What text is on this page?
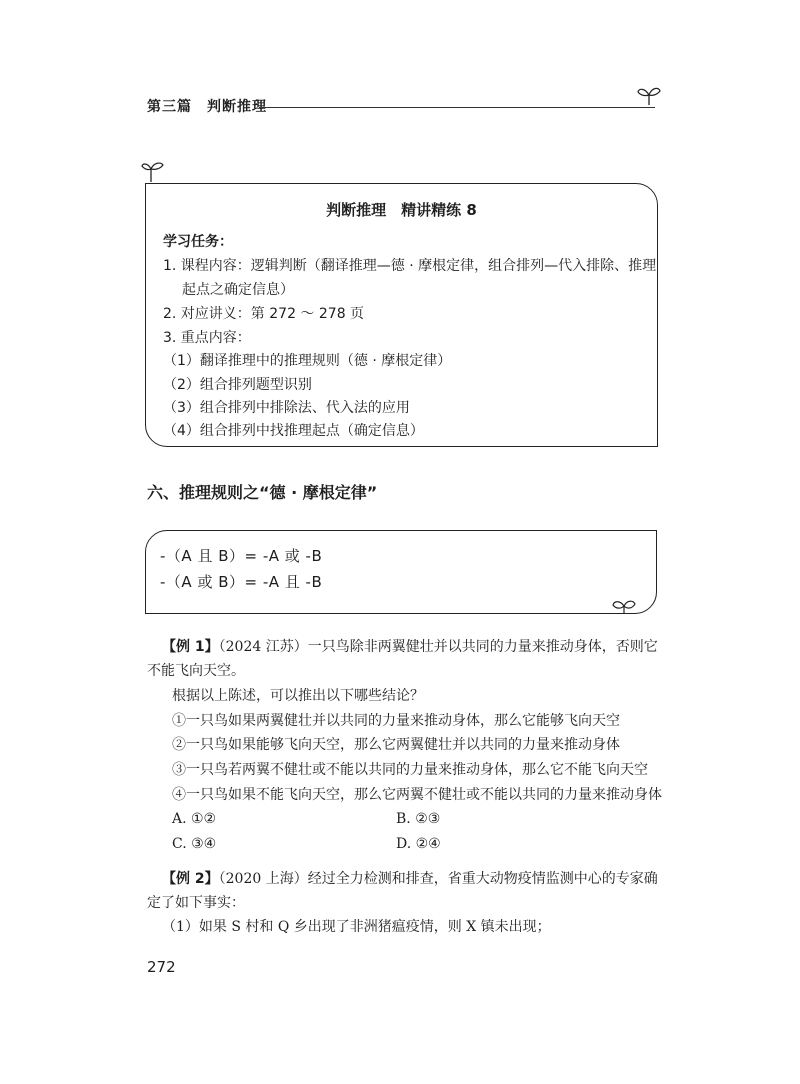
第三篇　判断推理
判断推理　精讲精练 8
学习任务：
1. 课程内容：逻辑判断（翻译推理—德 · 摩根定律，组合排列—代入排除、推理
起点之确定信息）
2. 对应讲义：第 272 ～ 278 页
3. 重点内容：
（1）翻译推理中的推理规则（德 · 摩根定律）
（2）组合排列题型识别
（3）组合排列中排除法、代入法的应用
（4）组合排列中找推理起点（确定信息）
六、推理规则之“德 · 摩根定律”
-（A 且 B）= -A 或 -B
-（A 或 B）= -A 且 -B
【例 1】（2024 江苏）一只鸟除非两翼健壮并以共同的力量来推动身体，否则它
不能飞向天空。
根据以上陈述，可以推出以下哪些结论？
①一只鸟如果两翼健壮并以共同的力量来推动身体，那么它能够飞向天空
②一只鸟如果能够飞向天空，那么它两翼健壮并以共同的力量来推动身体
③一只鸟若两翼不健壮或不能以共同的力量来推动身体，那么它不能飞向天空
④一只鸟如果不能飞向天空，那么它两翼不健壮或不能以共同的力量来推动身体
A. ①②	B. ②③
C. ③④	D. ②④
【例 2】（2020 上海）经过全力检测和排查，省重大动物疫情监测中心的专家确
定了如下事实：
（1）如果 S 村和 Q 乡出现了非洲猪瘟疫情，则 X 镇未出现；
272
